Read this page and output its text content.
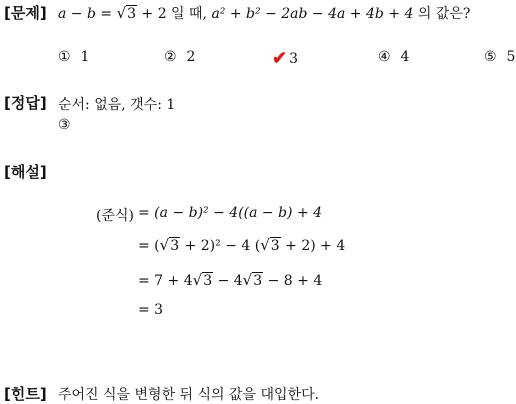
[문제] a − b = √3 + 2 일 때, a² + b² − 2ab − 4a + 4b + 4 의 값은?
① 1	② 2	✔ 3	④ 4	⑤ 5
[정답] 순서: 없음, 갯수: 1
③
[해설]
(준식) = (a − b)² − 4((a − b) + 4
= (√3 + 2)² − 4 (√3 + 2) + 4
= 7 + 4√3 − 4√3 − 8 + 4
= 3
[힌트] 주어진 식을 변형한 뒤 식의 값을 대입한다.
